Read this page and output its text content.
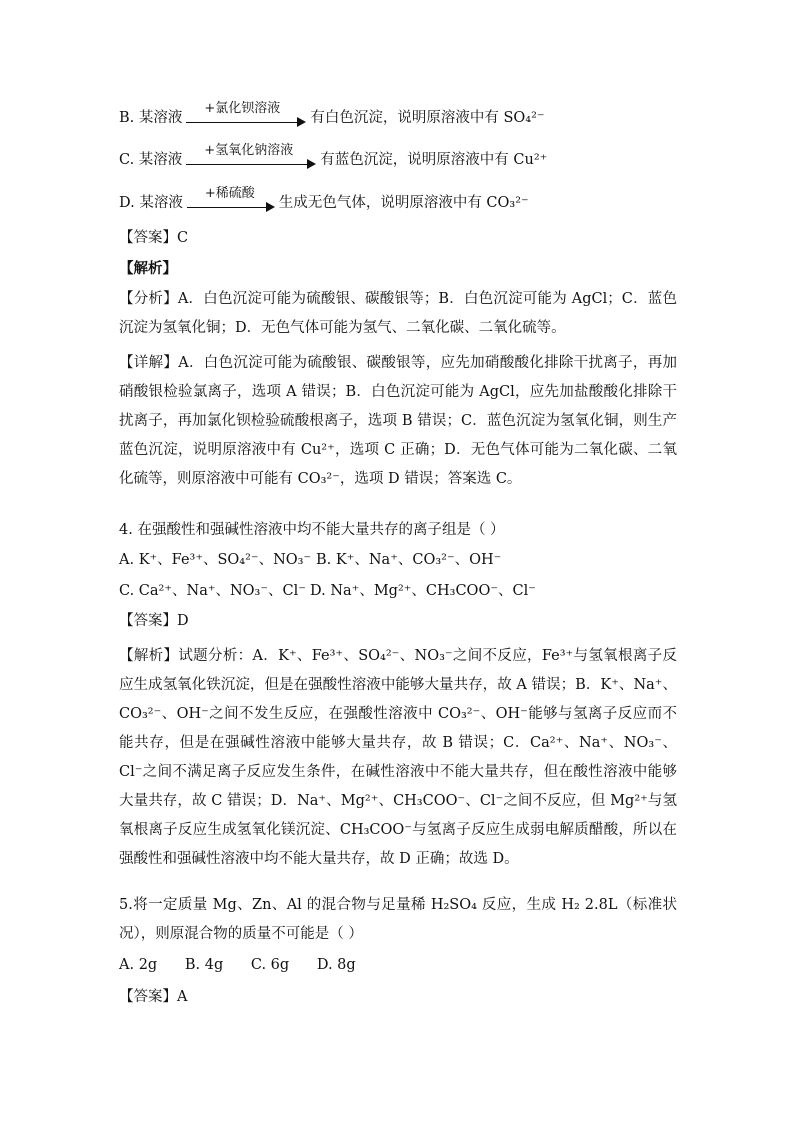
B. 某溶液
+氯化钡溶液
有白色沉淀，说明原溶液中有 SO₄²⁻
C. 某溶液
+氢氧化钠溶液
有蓝色沉淀，说明原溶液中有 Cu²⁺
D. 某溶液
+稀硫酸
生成无色气体，说明原溶液中有 CO₃²⁻
【答案】C
【解析】
【分析】A．白色沉淀可能为硫酸银、碳酸银等；B．白色沉淀可能为 AgCl；C．蓝色沉淀为氢氧化铜；D．无色气体可能为氢气、二氧化碳、二氧化硫等。
【详解】A．白色沉淀可能为硫酸银、碳酸银等，应先加硝酸酸化排除干扰离子，再加硝酸银检验氯离子，选项 A 错误；B．白色沉淀可能为 AgCl，应先加盐酸酸化排除干扰离子，再加氯化钡检验硫酸根离子，选项 B 错误；C．蓝色沉淀为氢氧化铜，则生产蓝色沉淀，说明原溶液中有 Cu²⁺，选项 C 正确；D．无色气体可能为二氧化碳、二氧化硫等，则原溶液中可能有 CO₃²⁻，选项 D 错误；答案选 C。
4. 在强酸性和强碱性溶液中均不能大量共存的离子组是（ ）
A. K⁺、Fe³⁺、SO₄²⁻、NO₃⁻ B. K⁺、Na⁺、CO₃²⁻、OH⁻
C. Ca²⁺、Na⁺、NO₃⁻、Cl⁻ D. Na⁺、Mg²⁺、CH₃COO⁻、Cl⁻
【答案】D
【解析】试题分析：A．K⁺、Fe³⁺、SO₄²⁻、NO₃⁻之间不反应，Fe³⁺与氢氧根离子反应生成氢氧化铁沉淀，但是在强酸性溶液中能够大量共存，故 A 错误；B．K⁺、Na⁺、CO₃²⁻、OH⁻之间不发生反应，在强酸性溶液中 CO₃²⁻、OH⁻能够与氢离子反应而不能共存，但是在强碱性溶液中能够大量共存，故 B 错误；C．Ca²⁺、Na⁺、NO₃⁻、Cl⁻之间不满足离子反应发生条件，在碱性溶液中不能大量共存，但在酸性溶液中能够大量共存，故 C 错误；D．Na⁺、Mg²⁺、CH₃COO⁻、Cl⁻之间不反应，但 Mg²⁺与氢氧根离子反应生成氢氧化镁沉淀、CH₃COO⁻与氢离子反应生成弱电解质醋酸，所以在强酸性和强碱性溶液中均不能大量共存，故 D 正确；故选 D。
5.将一定质量 Mg、Zn、Al 的混合物与足量稀 H₂SO₄ 反应，生成 H₂ 2.8L（标准状况），则原混合物的质量不可能是（ ）
A. 2g      B. 4g      C. 6g      D. 8g
【答案】A
